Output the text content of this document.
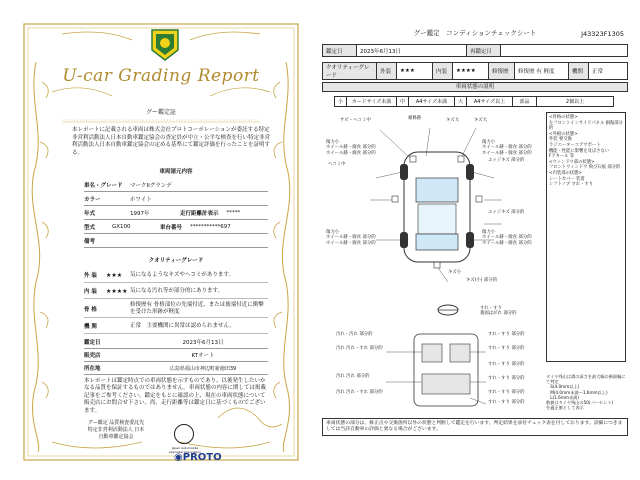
U-car Grading Report
グー鑑定証
本レポートに記載される車両は株式会社プロトコーポレーションが委託する特定非営利活動法人日本自動車鑑定協会の査定員が中立・公平な検査を行い特定非営利活動法人日本自動車鑑定協会の定める基準にて鑑定評価を行ったことを証明する。
車両諸元内容
車名・グレード マークIIグランデ
カラー	ホワイト
年式	1997年	走行距離計表示 *****
型式	GX100	車台番号 ***********697
備考
クオリティーグレード
外 装	★★★	気になるようなキズやヘコミがあります。
内 装	★★★★ 気になる汚れ等が部分的にあります。
骨 格
修復歴有 骨格部位の先端付近、または後端付近に衝撃を受けた形跡が軽度
機 関	正常　主要機関に異常は認められません。
鑑定日	2023年6月13日
販売店	KTオート
所在地	広島県福山市神辺町新徳田39
本レポートは鑑定時点での車両状態を示すものであり、以後発生したいかなる品質を保証するものではありません。車両状態の内容に関しては掲載記事をご参考ください。鑑定をもとに確認の上、現在の車両状態について販売店にお問合せ下さい。尚、走行距離等は鑑定日に基づくものでございます。
グー鑑定 品質検査委託先 特定非営利活動法人 日本自動車鑑定協会
Japan Automobile Appraisal Association
◉PROTO
グー鑑定　コンディションチェックシート	J43323F1305
鑑定日	2023年6月13日	再鑑定日	
クオリティーグレード	外装	★★★	内装	★★★★	修復歴	修復歴 有 軽度	機関	正常
車両状態の説明
小	カードサイズ未満	中	A4サイズ未満	大	A4サイズ以上	部品	2個以上
サビ・ヘコミ中	補修跡	キズ大	キズ大
傷力小
ホイール跡・腐食 部分的
ホイール跡・腐食 部分的
傷力小
ホイール跡・腐食 部分的
ホイール跡・腐食 部分的
ヘコミ中
エッジキズ 部分的
エッジキズ 部分的
傷力小
ホイール跡・腐食 部分的
ホイール跡・腐食 部分的
傷力小
ホイール跡・腐食 部分的
ホイール跡・腐食 部分的
キズ小
キズ(小) 部分的
すれ・すり
裏面はがれ 部分的
汚れ・汚れ 部分的	すれ・すり 部分的
汚れ 汚れ・すれ 部分的	すれ・すり 部分的
汚れ 汚れ 部分的
すれ・すり 部分的
すれ・すり 部分的
汚れ 汚れ・すれ 部分的	すれ・すり 部分的
すれ・すり 部分的
<骨格の状態>
左フロントインサイドパネル 損傷部分的
<外板の状態>
外装 要交換
ラジエーターコアサポート
機能・性能に影響を及ぼさない
Fアキール 等
<ウィンドウ部の状態>
フロントウィンドウ 飛び石痕 部分的
<内装部の状態>
シートカバー 装着
シフトノブ すれ・すり
タイヤ残山は溝の深さを最大幅の断面幅にて判定
　S(4.0mm以上)
　M(4.0mm未満〜1.6mm以上)
　L(1.6mm未満)
数値はタイヤ残山の50(パーセント)
を適正値として表示
車両状態の部分は、修正点や交換箇所以外の状態と判断して鑑定を行います。判定結果を添付チェック表を付しております。詳細につきましては当該自動車の評価と異なる場合がございます。
